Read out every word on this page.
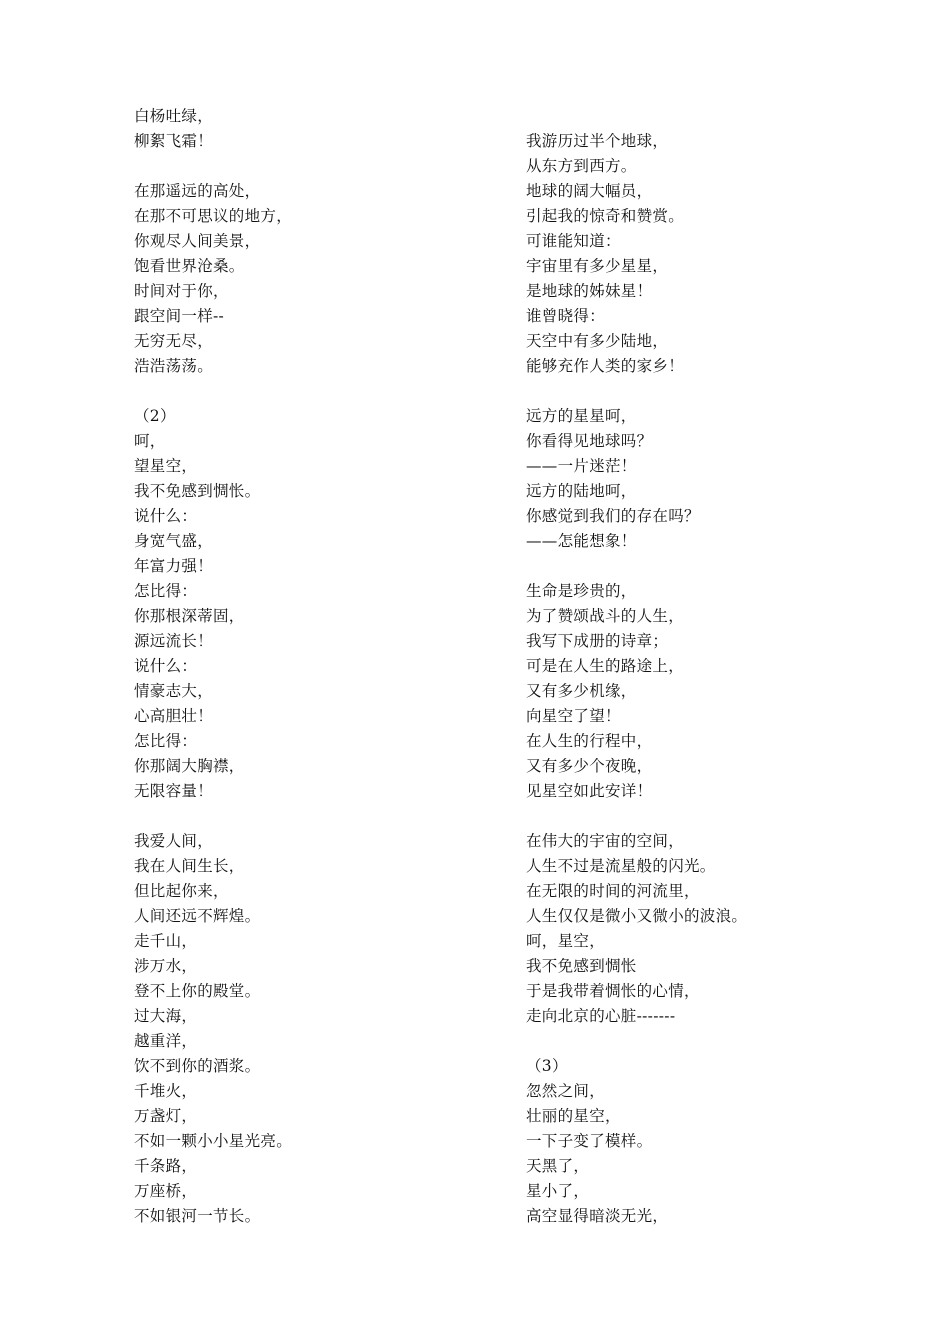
白杨吐绿，
柳絮飞霜！
在那遥远的高处，
在那不可思议的地方，
你观尽人间美景，
饱看世界沧桑。
时间对于你，
跟空间一样--
无穷无尽，
浩浩荡荡。
（2）
呵，
望星空，
我不免感到惆怅。
说什么：
身宽气盛，
年富力强！
怎比得：
你那根深蒂固，
源远流长！
说什么：
情豪志大，
心高胆壮！
怎比得：
你那阔大胸襟，
无限容量！
我爱人间，
我在人间生长，
但比起你来，
人间还远不辉煌。
走千山，
涉万水，
登不上你的殿堂。
过大海，
越重洋，
饮不到你的酒浆。
千堆火，
万盏灯，
不如一颗小小星光亮。
千条路，
万座桥，
不如银河一节长。
我游历过半个地球，
从东方到西方。
地球的阔大幅员，
引起我的惊奇和赞赏。
可谁能知道：
宇宙里有多少星星，
是地球的姊妹星！
谁曾晓得：
天空中有多少陆地，
能够充作人类的家乡！
远方的星星呵，
你看得见地球吗？
——一片迷茫！
远方的陆地呵，
你感觉到我们的存在吗？
——怎能想象！
生命是珍贵的，
为了赞颂战斗的人生，
我写下成册的诗章；
可是在人生的路途上，
又有多少机缘，
向星空了望！
在人生的行程中，
又有多少个夜晚，
见星空如此安详！
在伟大的宇宙的空间，
人生不过是流星般的闪光。
在无限的时间的河流里，
人生仅仅是微小又微小的波浪。
呵，星空，
我不免感到惆怅
于是我带着惆怅的心情，
走向北京的心脏-------
（3）
忽然之间，
壮丽的星空，
一下子变了模样。
天黑了，
星小了，
高空显得暗淡无光，
